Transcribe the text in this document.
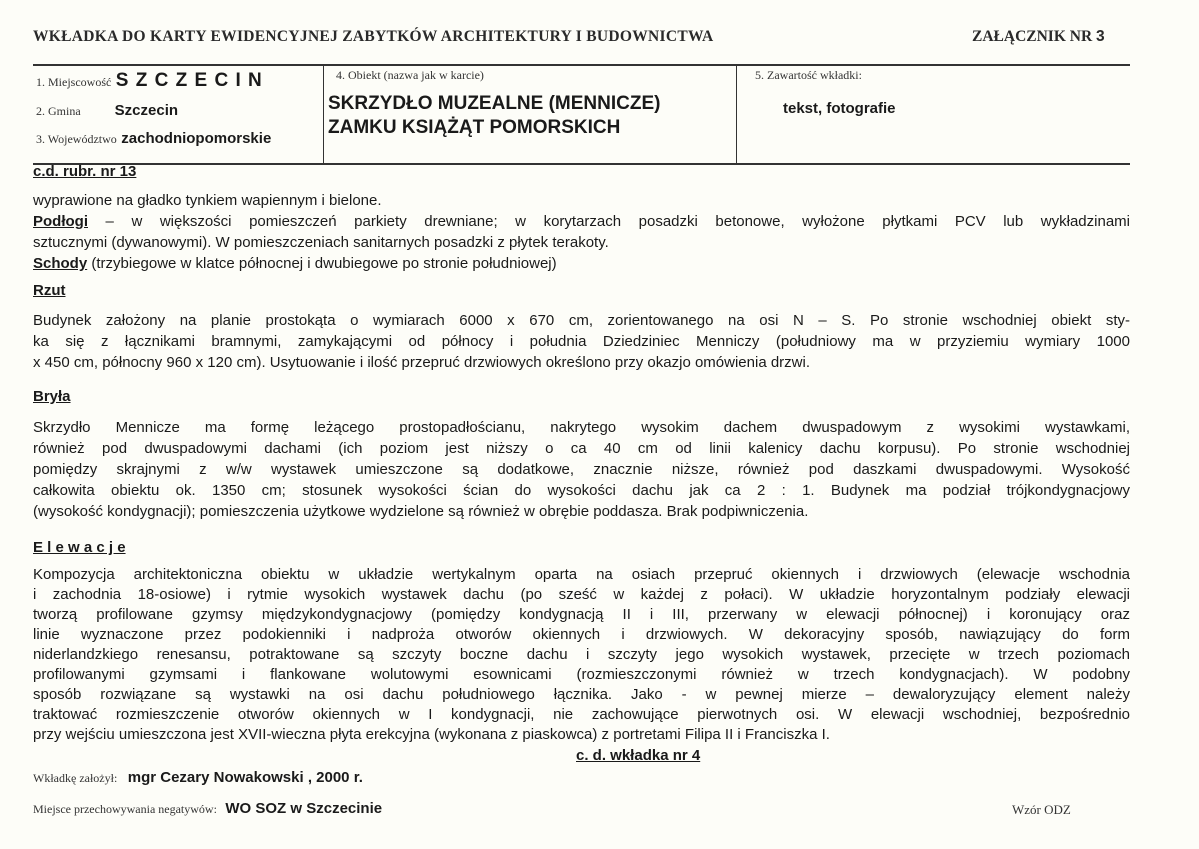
WKŁADKA DO KARTY EWIDENCYJNEJ ZABYTKÓW ARCHITEKTURY I BUDOWNICTWA	ZAŁĄCZNIK NR 3
1. Miejscowość S Z C Z E C I N
2. Gmina Szczecin
3. Województwo zachodniopomorskie
4. Obiekt (nazwa jak w karcie)
SKRZYDŁO MUZEALNE (MENNICZE)
ZAMKU KSIĄŻĄT POMORSKICH
5. Zawartość wkładki:
tekst, fotografie
c.d. rubr. nr 13
wyprawione na gładko tynkiem wapiennym i bielone.
Podłogi – w większości pomieszczeń parkiety drewniane; w korytarzach posadzki betonowe, wyłożone płytkami PCV lub wykładzinami
sztucznymi (dywanowymi). W pomieszczeniach sanitarnych posadzki z płytek terakoty.
Schody (trzybiegowe w klatce północnej i dwubiegowe po stronie południowej)
Rzut
Budynek założony na planie prostokąta o wymiarach 6000 x 670 cm, zorientowanego na osi N – S. Po stronie wschodniej obiekt sty-
ka się z łącznikami bramnymi, zamykającymi od północy i południa Dziedziniec Menniczy (południowy ma w przyziemiu wymiary 1000
x 450 cm, północny 960 x 120 cm). Usytuowanie i ilość przepruć drzwiowych określono przy okazjo omówienia drzwi.
Bryła
Skrzydło Mennicze ma formę leżącego prostopadłościanu, nakrytego wysokim dachem dwuspadowym z wysokimi wystawkami,
również pod dwuspadowymi dachami (ich poziom jest niższy o ca 40 cm od linii kalenicy dachu korpusu). Po stronie wschodniej
pomiędzy skrajnymi z w/w wystawek umieszczone są dodatkowe, znacznie niższe, również pod daszkami dwuspadowymi. Wysokość
całkowita obiektu ok. 1350 cm; stosunek wysokości ścian do wysokości dachu jak ca 2 : 1. Budynek ma podział trójkondygnacjowy
(wysokość kondygnacji); pomieszczenia użytkowe wydzielone są również w obrębie poddasza. Brak podpiwniczenia.
E l e w a c j e
Kompozycja architektoniczna obiektu w układzie wertykalnym oparta na osiach przepruć okiennych i drzwiowych (elewacje wschodnia
i zachodnia 18-osiowe) i rytmie wysokich wystawek dachu (po sześć w każdej z połaci). W układzie horyzontalnym podziały elewacji
tworzą profilowane gzymsy międzykondygnacjowy (pomiędzy kondygnacją II i III, przerwany w elewacji północnej) i koronujący oraz
linie wyznaczone przez podokienniki i nadproża otworów okiennych i drzwiowych. W dekoracyjny sposób, nawiązujący do form
niderlandzkiego renesansu, potraktowane są szczyty boczne dachu i szczyty jego wysokich wystawek, przecięte w trzech poziomach
profilowanymi gzymsami i flankowane wolutowymi esownicami (rozmieszczonymi również w trzech kondygnacjach). W podobny
sposób rozwiązane są wystawki na osi dachu południowego łącznika. Jako - w pewnej mierze – dewaloryzujący element należy
traktować rozmieszczenie otworów okiennych w I kondygnacji, nie zachowujące pierwotnych osi. W elewacji wschodniej, bezpośrednio
przy wejściu umieszczona jest XVII-wieczna płyta erekcyjna (wykonana z piaskowca) z portretami Filipa II i Franciszka I.
c. d. wkładka nr 4
Wkładkę założył: mgr Cezary Nowakowski , 2000 r.
Miejsce przechowywania negatywów: WO SOZ w Szczecinie	Wzór ODZ
